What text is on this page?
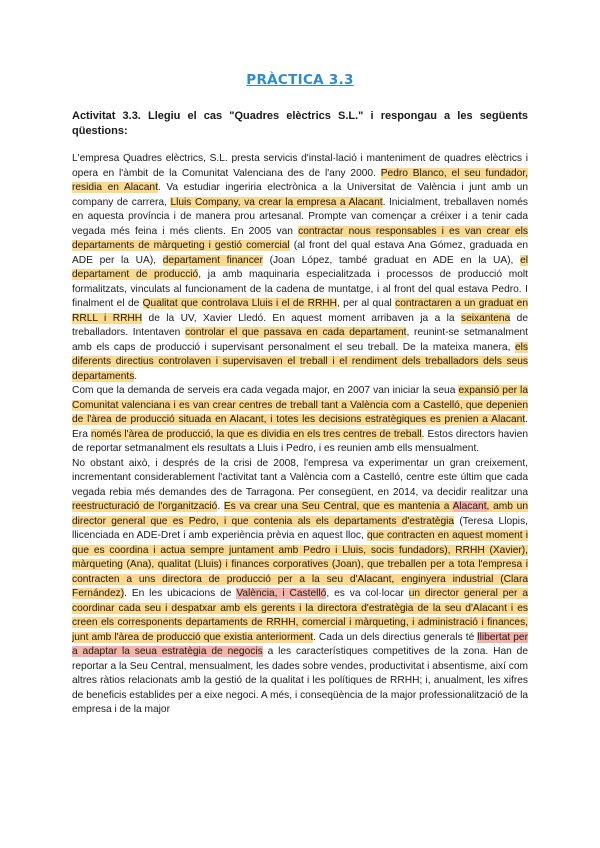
PRÀCTICA 3.3
Activitat 3.3. Llegiu el cas "Quadres elèctrics S.L." i respongau a les següents qüestions:

L'empresa Quadres elèctrics, S.L. presta servicis d'instal·lació i manteniment de quadres elèctrics i opera en l'àmbit de la Comunitat Valenciana des de l'any 2000. Pedro Blanco, el seu fundador, residia en Alacant. Va estudiar ingeriria electrònica a la Universitat de València i junt amb un company de carrera, Lluis Company, va crear la empresa a Alacant. Inicialment, treballaven només en aquesta província i de manera prou artesanal. Prompte van començar a créixer i a tenir cada vegada més feina i més clients. En 2005 van contractar nous responsables i es van crear els departaments de màrqueting i gestió comercial (al front del qual estava Ana Gómez, graduada en ADE per la UA), departament financer (Joan López, també graduat en ADE en la UA), el departament de producció, ja amb maquinaria especialitzada i processos de producció molt formalitzats, vinculats al funcionament de la cadena de muntatge, i al front del qual estava Pedro. I finalment el de Qualitat que controlava Lluis i el de RRHH, per al qual contractaren a un graduat en RRLL i RRHH de la UV, Xavier Lledó. En aquest moment arribaven ja a la seixantena de treballadors. Intentaven controlar el que passava en cada departament, reunint-se setmanalment amb els caps de producció i supervisant personalment el seu treball. De la mateixa manera, els diferents directius controlaven i supervisaven el treball i el rendiment dels treballadors dels seus departaments.

Com que la demanda de serveis era cada vegada major, en 2007 van iniciar la seua expansió per la Comunitat valenciana i es van crear centres de treball tant a València com a Castelló, que depenien de l'àrea de producció situada en Alacant, i totes les decisions estratègiques es prenien a Alacant. Era només l'àrea de producció, la que es dividia en els tres centres de treball. Estos directors havien de reportar setmanalment els resultats a Lluis i Pedro, i es reunien amb ells mensualment.

No obstant això, i després de la crisi de 2008, l'empresa va experimentar un gran creixement, incrementant considerablement l'activitat tant a València com a Castelló, centre este últim que cada vegada rebia més demandes des de Tarragona. Per consegüent, en 2014, va decidir realitzar una reestructuració de l'organització. Es va crear una Seu Central, que es mantenia a Alacant, amb un director general que es Pedro, i que contenia als els departaments d'estratègia (Teresa Llopis, llicenciada en ADE-Dret i amb experiència prèvia en aquest lloc, que contracten en aquest moment i que es coordina i actua sempre juntament amb Pedro i Lluis, socis fundadors), RRHH (Xavier), màrqueting (Ana), qualitat (Lluis) i finances corporatives (Joan), que treballen per a tota l'empresa i contracten a uns directora de producció per a la seu d'Alacant, enginyera industrial (Clara Fernández). En les ubicacions de València, i Castelló, es va col·locar un director general per a coordinar cada seu i despatxar amb els gerents i la directora d'estratègia de la seu d'Alacant i es creen els corresponents departaments de RRHH, comercial i màrqueting, i administració i finances, junt amb l'àrea de producció que existia anteriorment. Cada un dels directius generals té llibertat per a adaptar la seua estratègia de negocis a les característiques competitives de la zona. Han de reportar a la Seu Central, mensualment, les dades sobre vendes, productivitat i absentisme, així com altres ràtios relacionats amb la gestió de la qualitat i les polítiques de RRHH; i, anualment, les xifres de beneficis establides per a eixe negoci. A més, i conseqüència de la major professionalització de la empresa i de la major
